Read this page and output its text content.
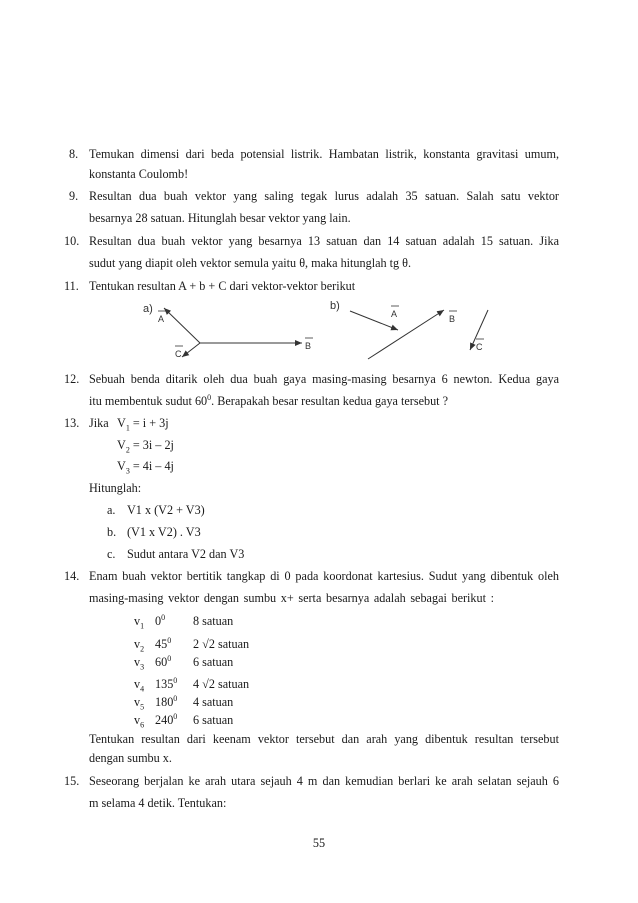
8. Temukan dimensi dari beda potensial listrik. Hambatan listrik, konstanta gravitasi umum,
konstanta Coulomb!
9. Resultan dua buah vektor yang saling tegak lurus adalah 35 satuan. Salah satu vektor
besarnya 28 satuan. Hitunglah besar vektor yang lain.
10. Resultan dua buah vektor yang besarnya 13 satuan dan 14 satuan adalah 15 satuan. Jika
sudut yang diapit oleh vektor semula yaitu θ, maka hitunglah tg θ.
11. Tentukan resultan A + b + C dari vektor-vektor berikut
a)
A
B
C
b)
A	B
C
12. Sebuah benda ditarik oleh dua buah gaya masing-masing besarnya 6 newton. Kedua gaya
itu membentuk sudut $60^0$. Berapakah besar resultan kedua gaya tersebut ?
13. Jika $V_1 = i + 3j$
$V_2 = 3i - 2j$
$V_3 = 4i - 4j$
Hitunglah:
a. V1 x (V2 + V3)
b. (V1 x V2) . V3
c. Sudut antara V2 dan V3
14. Enam buah vektor bertitik tangkap di 0 pada koordonat kartesius. Sudut yang dibentuk oleh
masing-masing vektor dengan sumbu x+ serta besarnya adalah sebagai berikut :
$v_1$ $0^0$ 8 satuan
$v_2$ $45^0$ 2 √2 satuan
$v_3$ $60^0$ 6 satuan
$v_4$ $135^0$ 4 √2 satuan
$v_5$ $180^0$ 4 satuan
$v_6$ $240^0$ 6 satuan
Tentukan resultan dari keenam vektor tersebut dan arah yang dibentuk resultan tersebut
dengan sumbu x.
15. Seseorang berjalan ke arah utara sejauh 4 m dan kemudian berlari ke arah selatan sejauh 6
m selama 4 detik. Tentukan:
55
